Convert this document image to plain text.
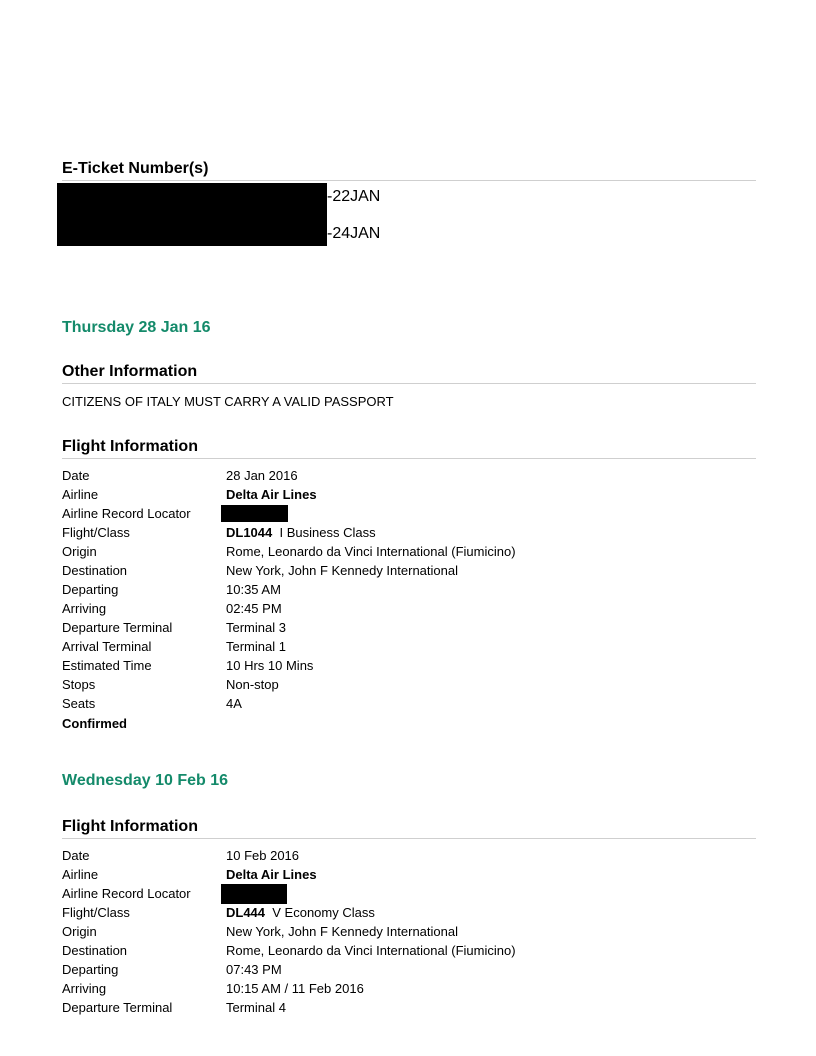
E-Ticket Number(s)
-22JAN
-24JAN
Thursday 28 Jan 16
Other Information
CITIZENS OF ITALY MUST CARRY A VALID PASSPORT
Flight Information
Date	28 Jan 2016
Airline	Delta Air Lines
Airline Record Locator
Flight/Class	DL1044 I Business Class
Origin	Rome, Leonardo da Vinci International (Fiumicino)
Destination	New York, John F Kennedy International
Departing	10:35 AM
Arriving	02:45 PM
Departure Terminal	Terminal 3
Arrival Terminal	Terminal 1
Estimated Time	10 Hrs 10 Mins
Stops	Non-stop
Seats	4A
Confirmed
Wednesday 10 Feb 16
Flight Information
Date	10 Feb 2016
Airline	Delta Air Lines
Airline Record Locator
Flight/Class	DL444 V Economy Class
Origin	New York, John F Kennedy International
Destination	Rome, Leonardo da Vinci International (Fiumicino)
Departing	07:43 PM
Arriving	10:15 AM / 11 Feb 2016
Departure Terminal	Terminal 4
